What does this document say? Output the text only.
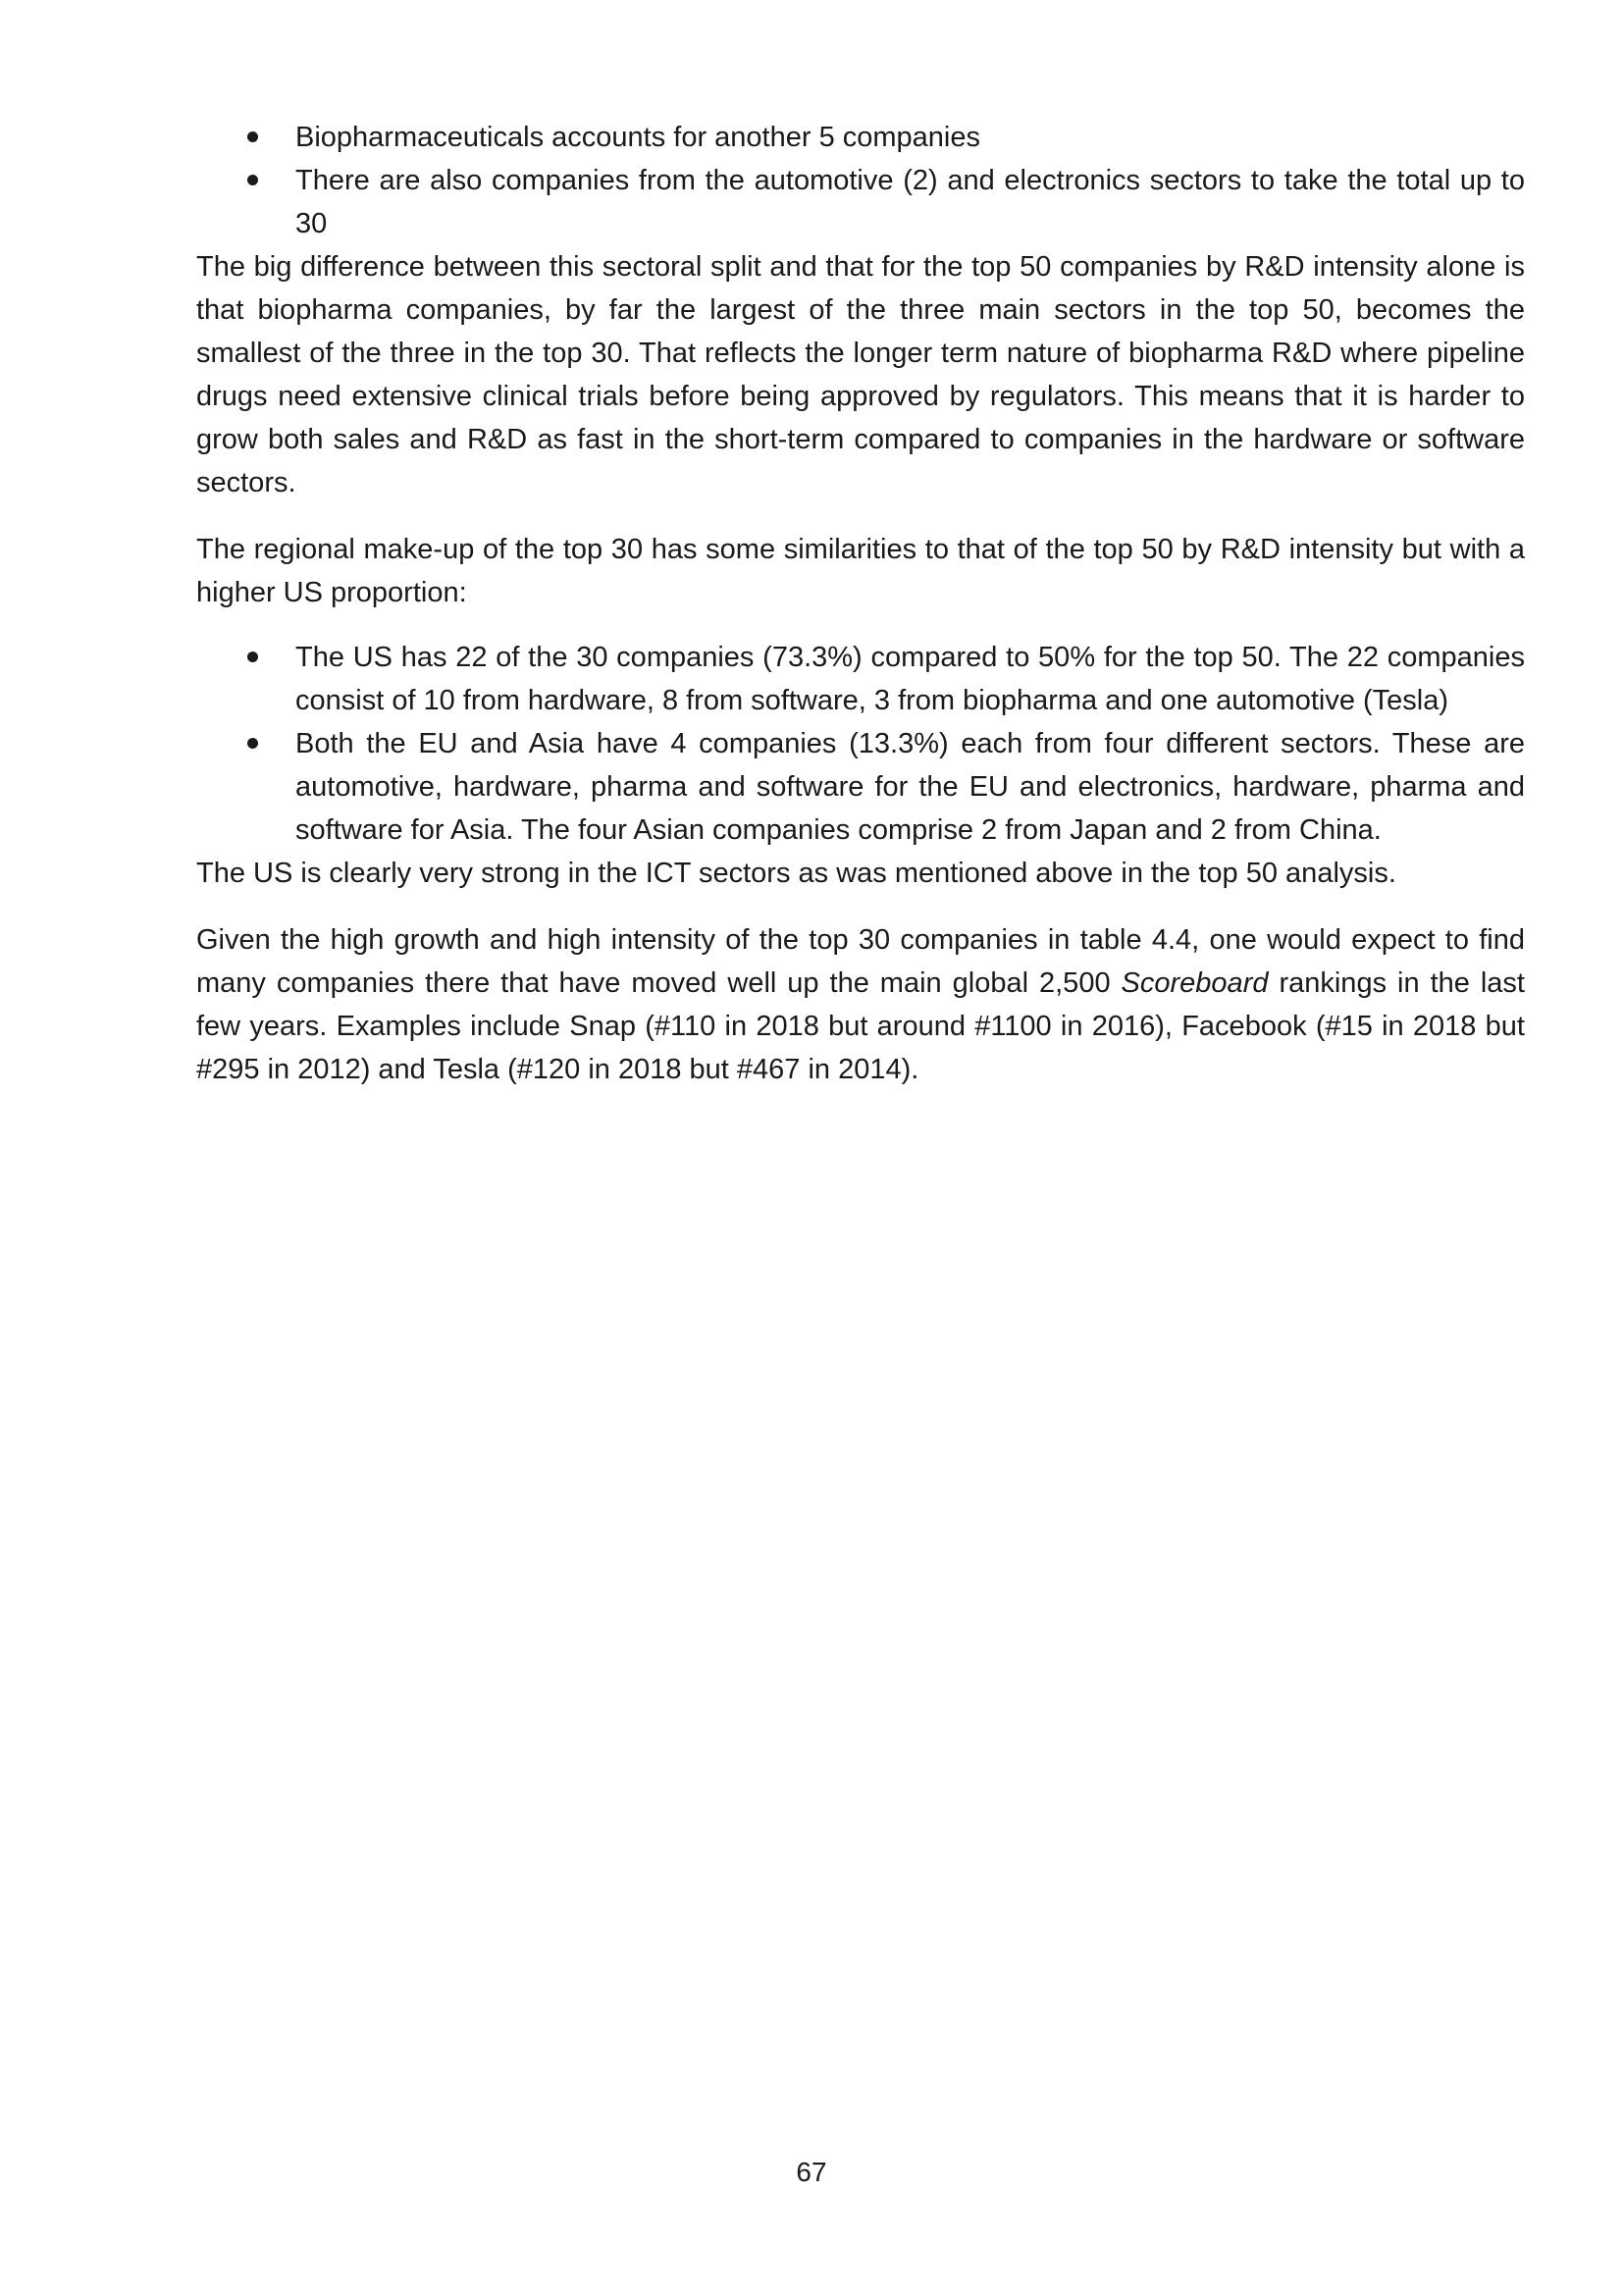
Biopharmaceuticals accounts for another 5 companies
There are also companies from the automotive (2) and electronics sectors to take the total up to 30

The big difference between this sectoral split and that for the top 50 companies by R&D intensity alone is that biopharma companies, by far the largest of the three main sectors in the top 50, becomes the smallest of the three in the top 30. That reflects the longer term nature of biopharma R&D where pipeline drugs need extensive clinical trials before being approved by regulators. This means that it is harder to grow both sales and R&D as fast in the short-term compared to companies in the hardware or software sectors.

The regional make-up of the top 30 has some similarities to that of the top 50 by R&D intensity but with a higher US proportion:

The US has 22 of the 30 companies (73.3%) compared to 50% for the top 50. The 22 companies consist of 10 from hardware, 8 from software, 3 from biopharma and one automotive (Tesla)
Both the EU and Asia have 4 companies (13.3%) each from four different sectors. These are automotive, hardware, pharma and software for the EU and electronics, hardware, pharma and software for Asia. The four Asian companies comprise 2 from Japan and 2 from China.

The US is clearly very strong in the ICT sectors as was mentioned above in the top 50 analysis.

Given the high growth and high intensity of the top 30 companies in table 4.4, one would expect to find many companies there that have moved well up the main global 2,500 Scoreboard rankings in the last few years. Examples include Snap (#110 in 2018 but around #1100 in 2016), Facebook (#15 in 2018 but #295 in 2012) and Tesla (#120 in 2018 but #467 in 2014).

67
